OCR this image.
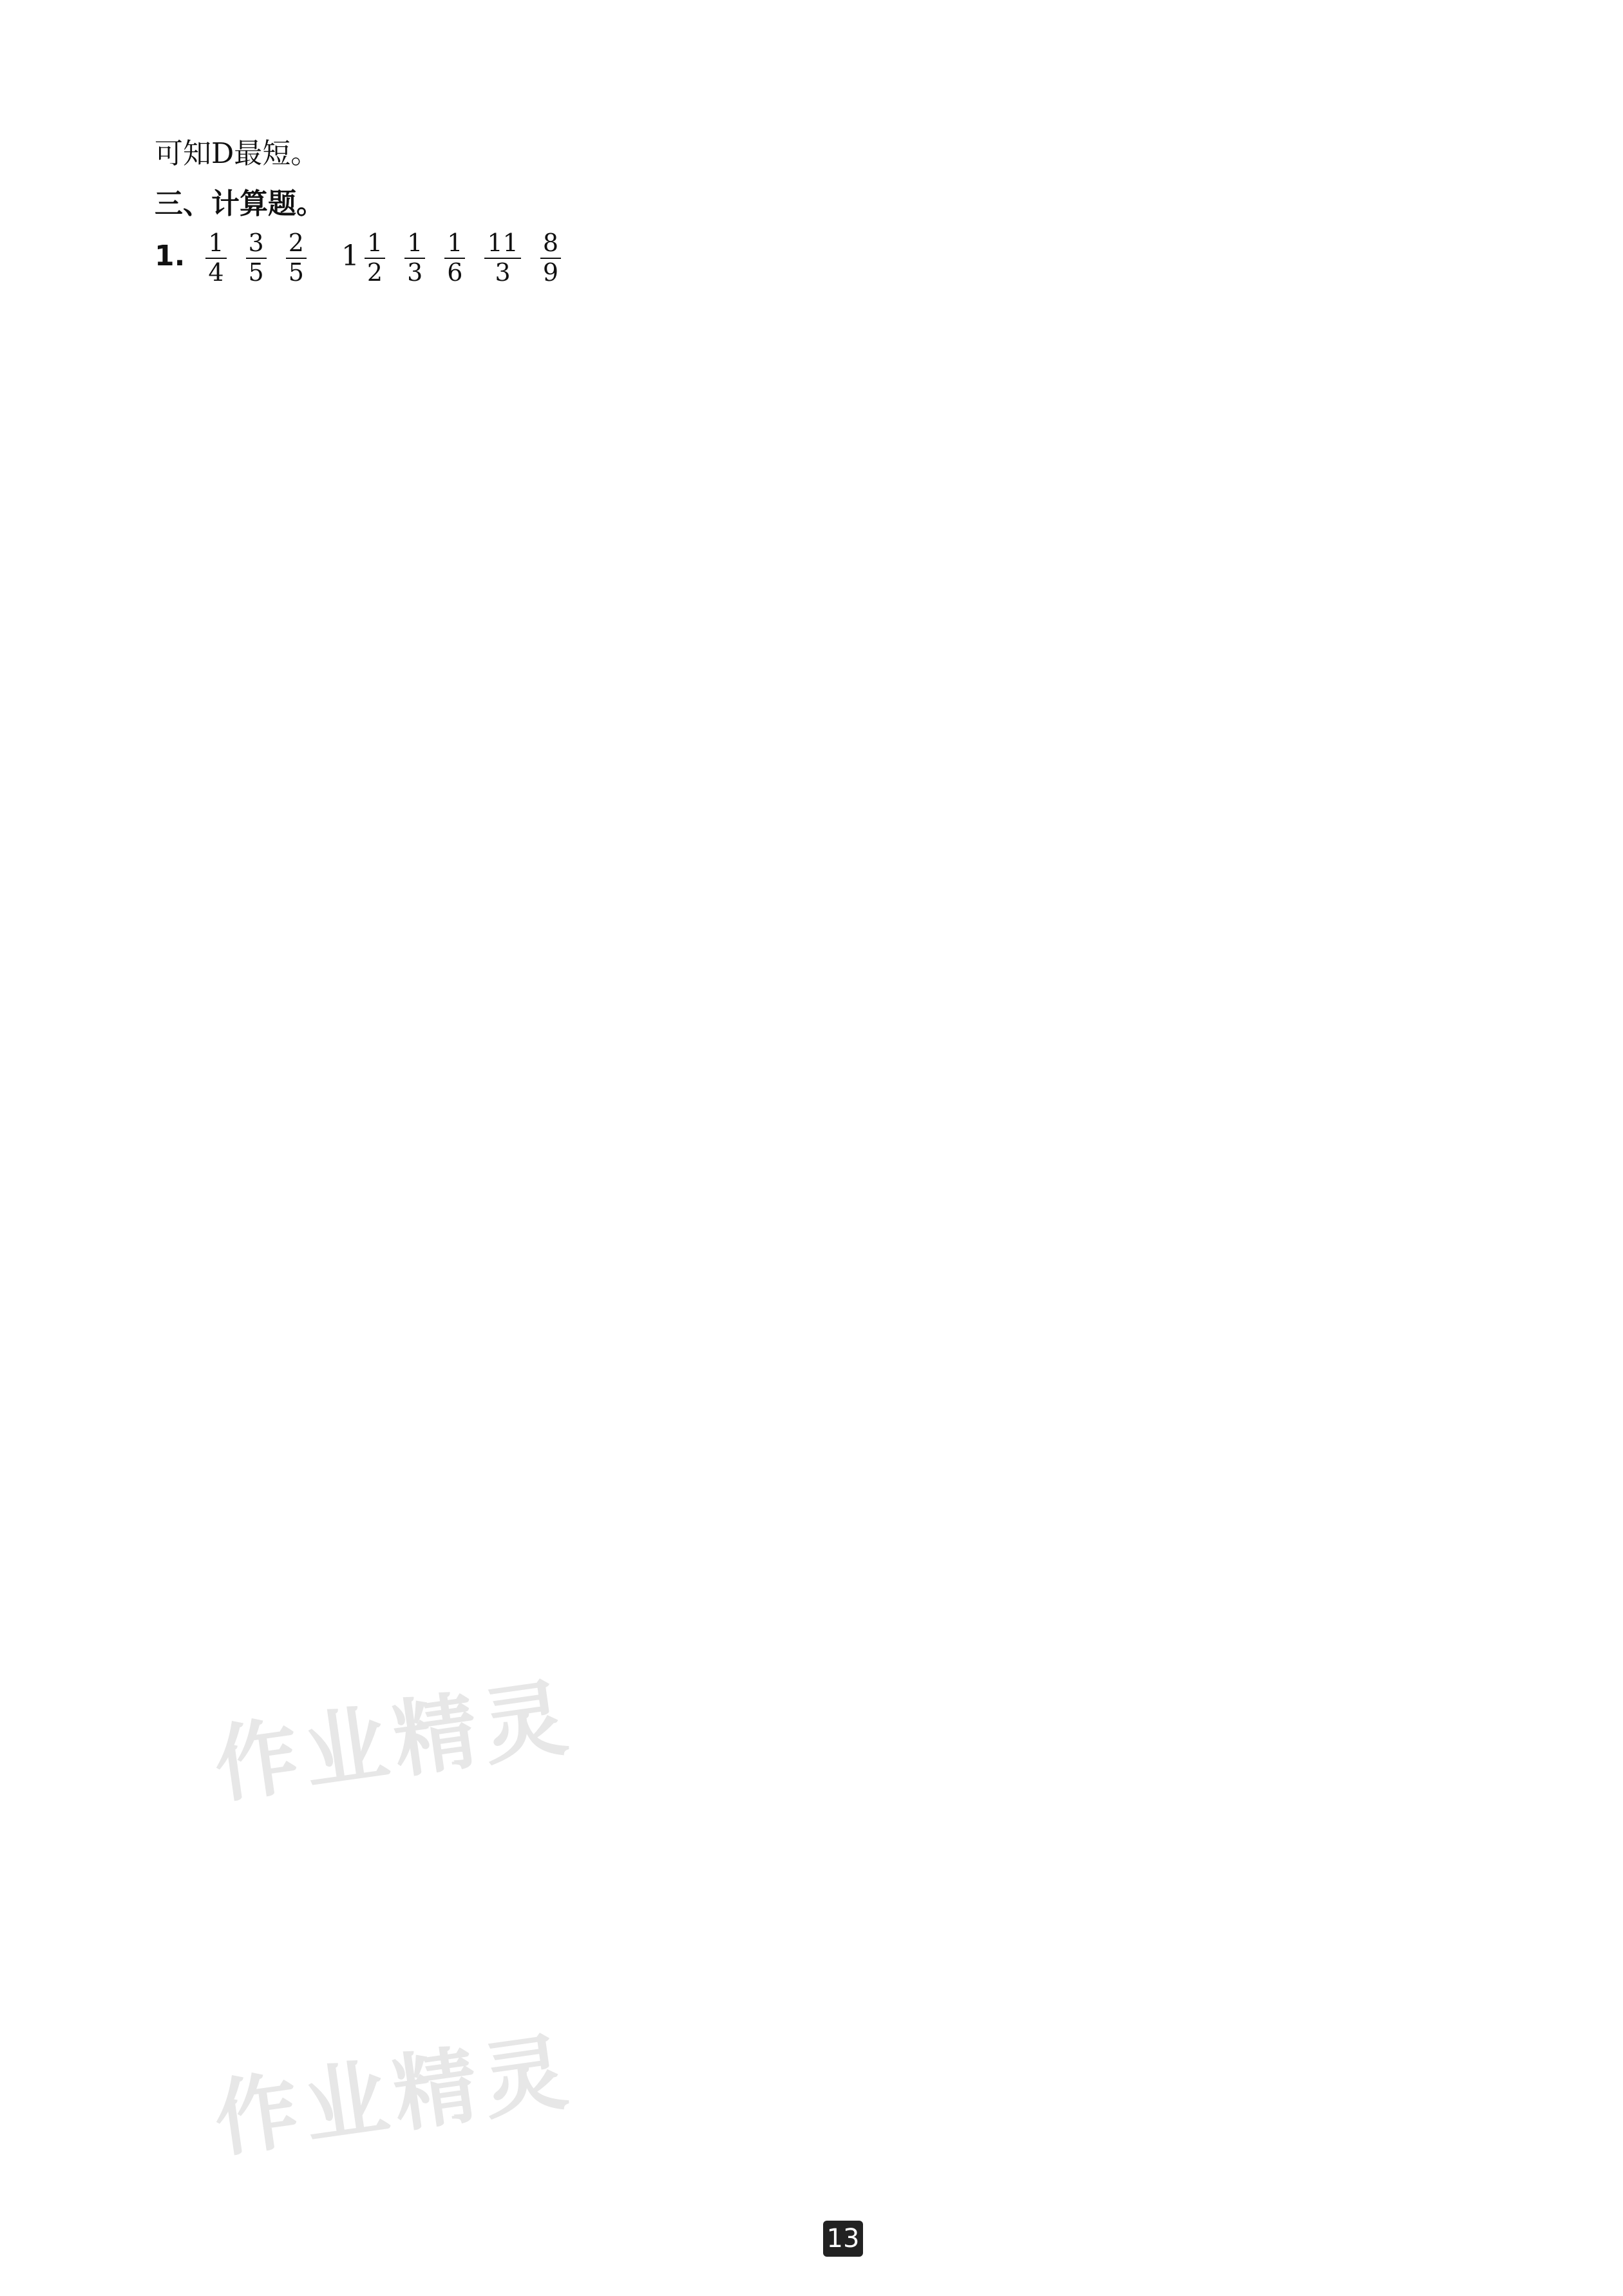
可知D最短。
三、计算题。
1. $\frac{1}{4}$
$\frac{3}{5}$
$\frac{2}{5} 1 \frac{1}{2}$
$\frac{1}{3}$
$\frac{1}{6}$
$\frac{11}{3}$
$\frac{8}{9}$
作业精灵
作业精灵
13
